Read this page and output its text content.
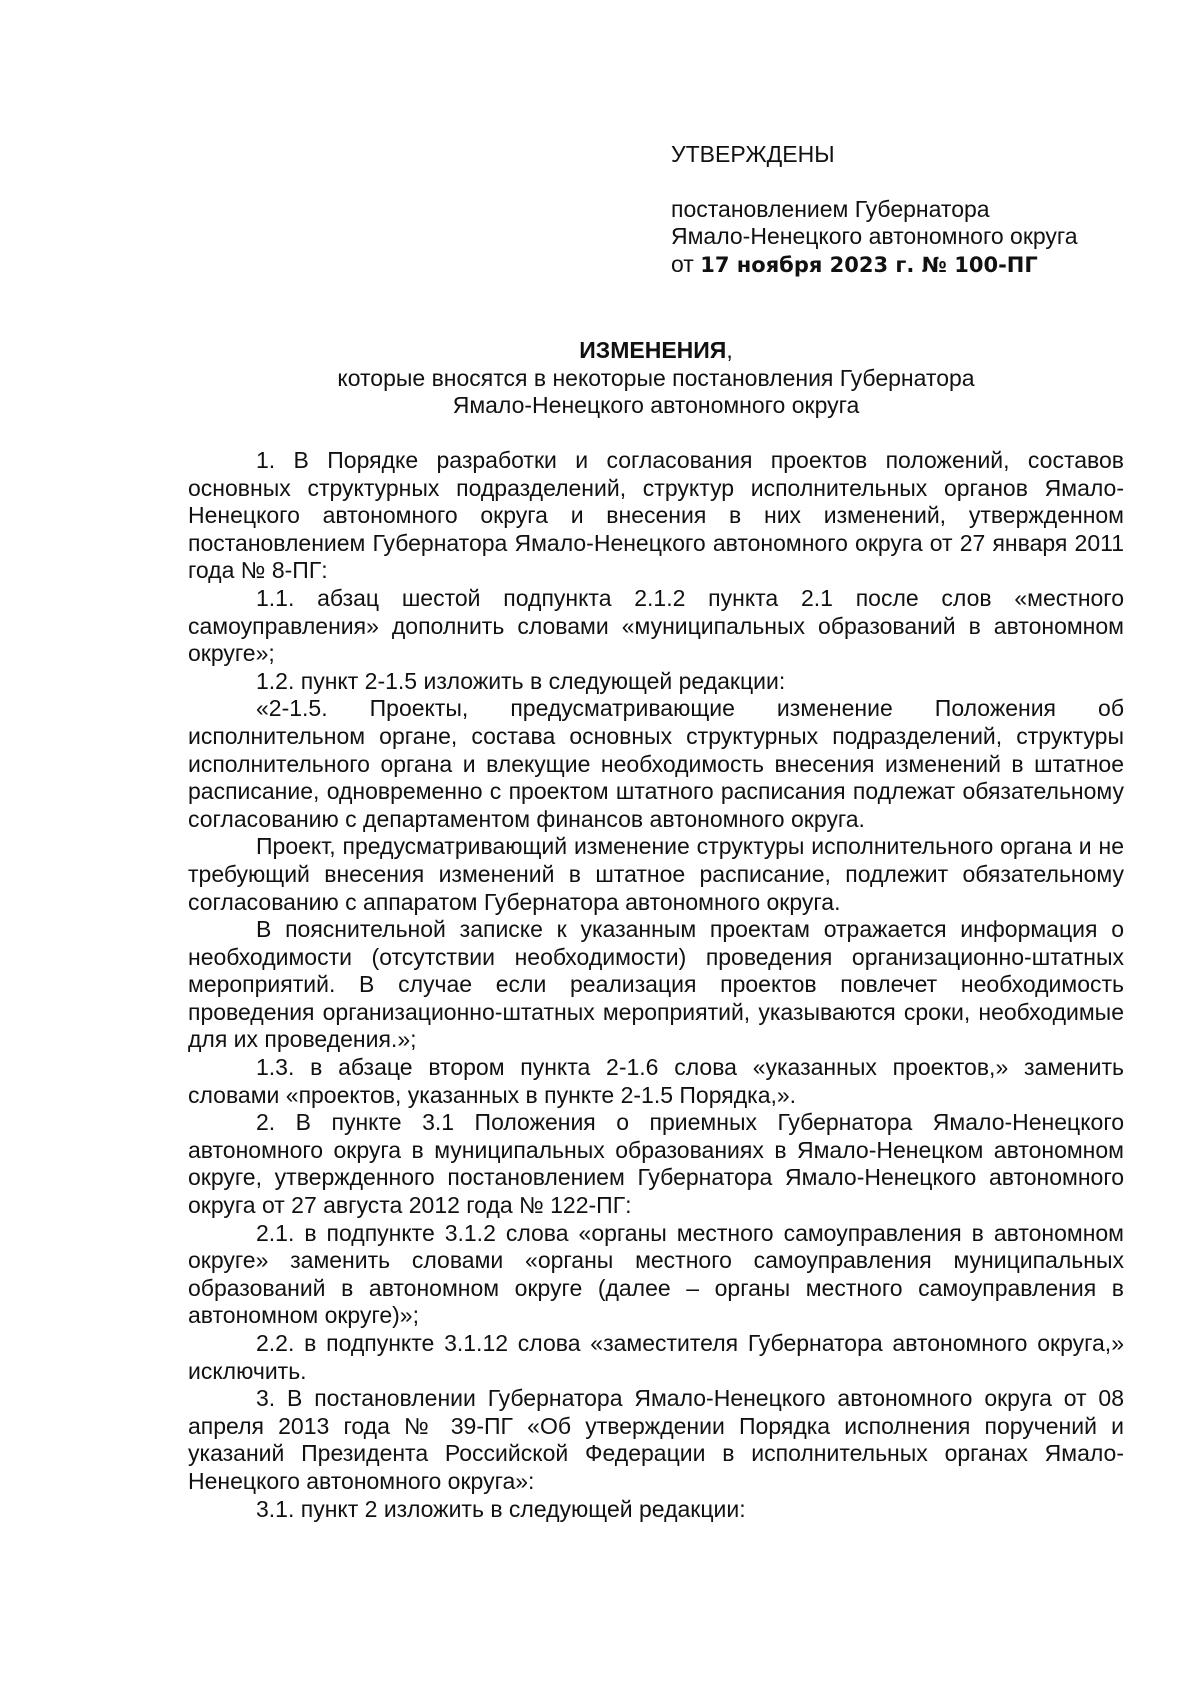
УТВЕРЖДЕНЫ
постановлением Губернатора
Ямало-Ненецкого автономного округа
от 17 ноября 2023 г. № 100-ПГ
ИЗМЕНЕНИЯ,
которые вносятся в некоторые постановления Губернатора
Ямало-Ненецкого автономного округа

1. В Порядке разработки и согласования проектов положений, составов основных структурных подразделений, структур исполнительных органов Ямало- Ненецкого автономного округа и внесения в них изменений, утвержденном постановлением Губернатора Ямало-Ненецкого автономного округа от 27 января 2011 года № 8-ПГ:

1.1. абзац шестой подпункта 2.1.2 пункта 2.1 после слов «местного самоуправления» дополнить словами «муниципальных образований в автономном округе»;

1.2. пункт 2-1.5 изложить в следующей редакции:

«2-1.5. Проекты, предусматривающие изменение Положения об исполнительном органе, состава основных структурных подразделений, структуры исполнительного органа и влекущие необходимость внесения изменений в штатное расписание, одновременно с проектом штатного расписания подлежат обязательному согласованию с департаментом финансов автономного округа.

Проект, предусматривающий изменение структуры исполнительного органа и не требующий внесения изменений в штатное расписание, подлежит обязательному согласованию с аппаратом Губернатора автономного округа.

В пояснительной записке к указанным проектам отражается информация о необходимости (отсутствии необходимости) проведения организационно-штатных мероприятий. В случае если реализация проектов повлечет необходимость проведения организационно-штатных мероприятий, указываются сроки, необходимые для их проведения.»;

1.3. в абзаце втором пункта 2-1.6 слова «указанных проектов,» заменить словами «проектов, указанных в пункте 2-1.5 Порядка,».

2. В пункте 3.1 Положения о приемных Губернатора Ямало-Ненецкого автономного округа в муниципальных образованиях в Ямало-Ненецком автономном округе, утвержденного постановлением Губернатора Ямало-Ненецкого автономного округа от 27 августа 2012 года № 122-ПГ:

2.1. в подпункте 3.1.2 слова «органы местного самоуправления в автономном округе» заменить словами «органы местного самоуправления муниципальных образований в автономном округе (далее – органы местного самоуправления в автономном округе)»;

2.2. в подпункте 3.1.12 слова «заместителя Губернатора автономного округа,» исключить.

3. В постановлении Губернатора Ямало-Ненецкого автономного округа от 08 апреля 2013 года № 39-ПГ «Об утверждении Порядка исполнения поручений и указаний Президента Российской Федерации в исполнительных органах Ямало-Ненецкого автономного округа»:

3.1. пункт 2 изложить в следующей редакции:
